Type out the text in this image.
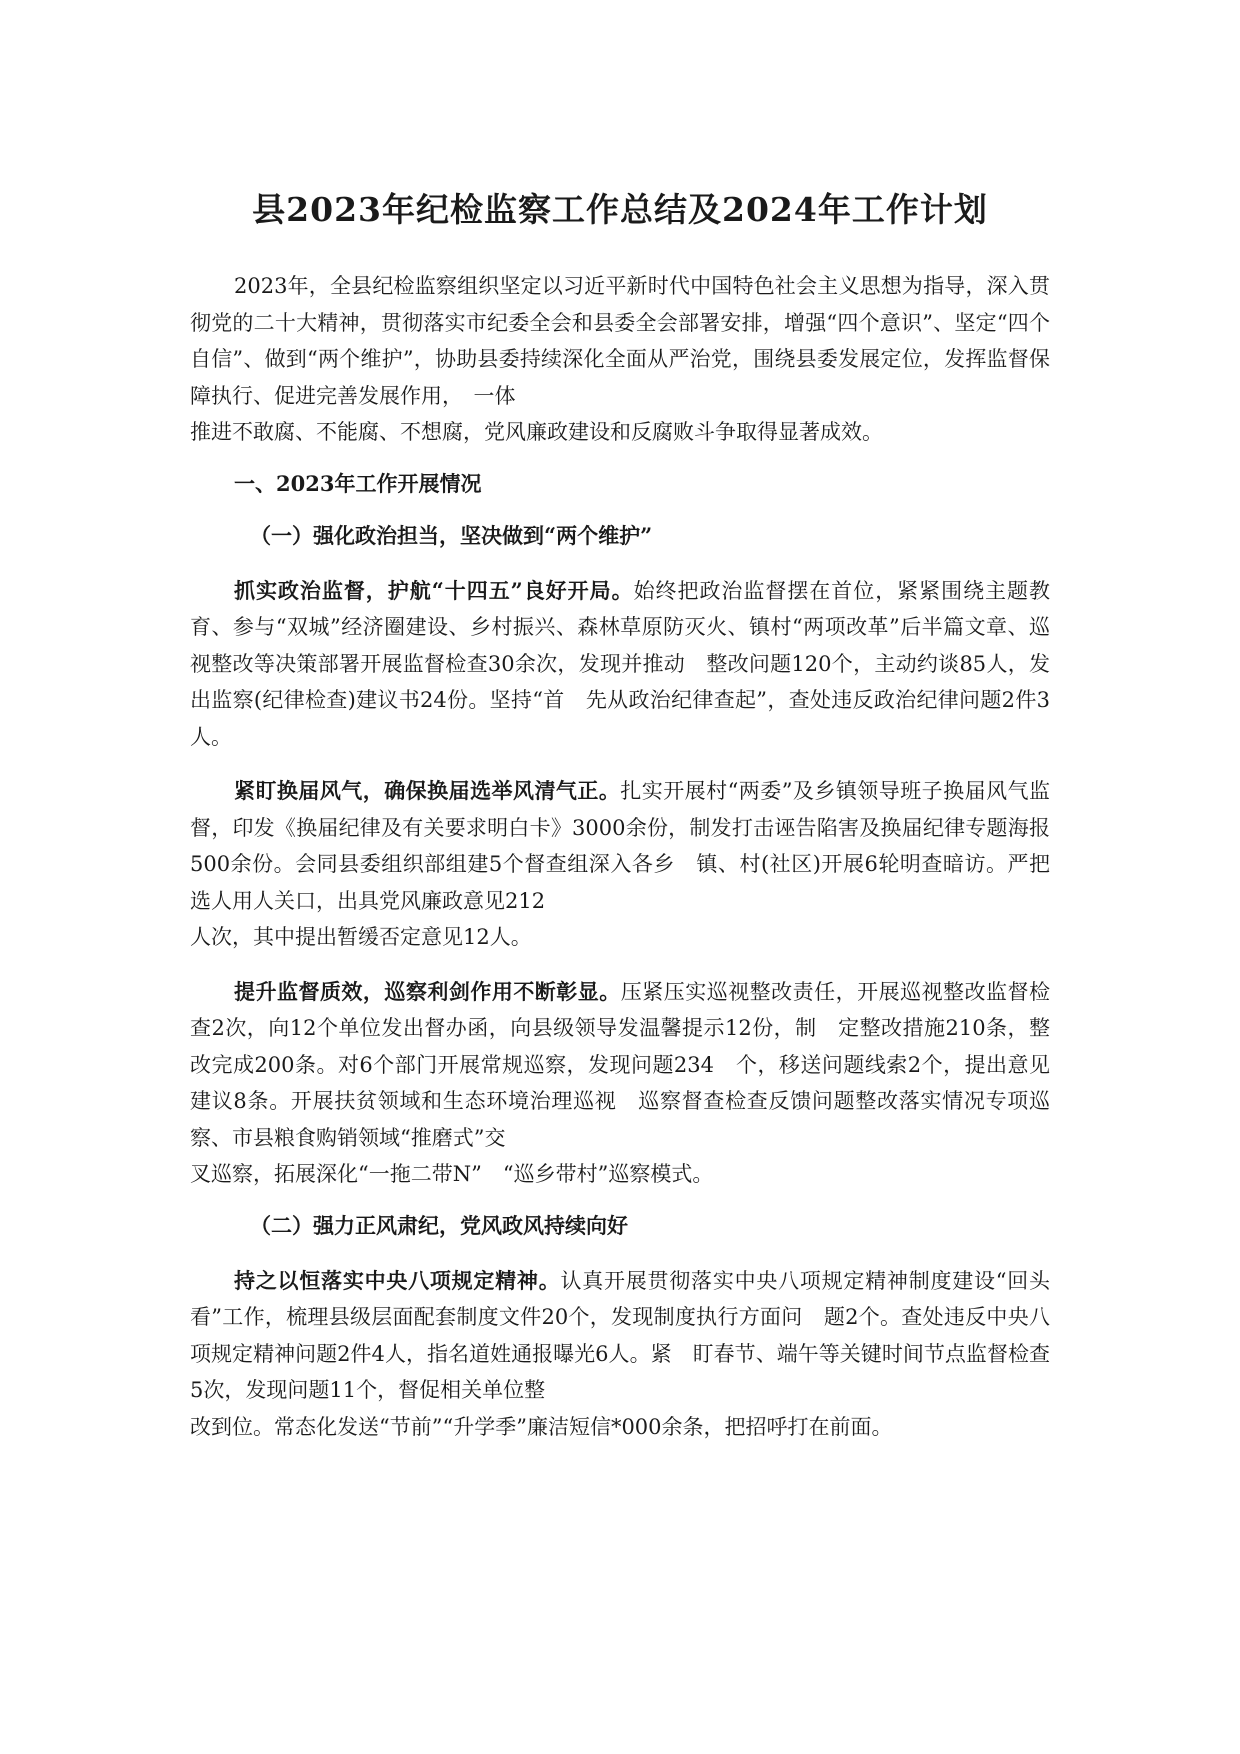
县2023年纪检监察工作总结及2024年工作计划

2023年，全县纪检监察组织坚定以习近平新时代中国特色社会主义思想为指导，深入贯彻党的二十大精神，贯彻落实市纪委全会和县委全会部署安排，增强“四个意识”、坚定“四个自信”、做到“两个维护”，协助县委持续深化全面从严治党，围绕县委发展定位，发挥监督保障执行、促进完善发展作用，　一体

推进不敢腐、不能腐、不想腐，党风廉政建设和反腐败斗争取得显著成效。

一、2023年工作开展情况
（一）强化政治担当，坚决做到“两个维护”

抓实政治监督，护航“十四五”良好开局。始终把政治监督摆在首位，紧紧围绕主题教育、参与“双城”经济圈建设、乡村振兴、森林草原防灭火、镇村“两项改革”后半篇文章、巡视整改等决策部署开展监督检查30余次，发现并推动　整改问题120个，主动约谈85人，发出监察(纪律检查)建议书24份。坚持“首　先从政治纪律查起”，查处违反政治纪律问题2件3人。

紧盯换届风气，确保换届选举风清气正。扎实开展村“两委”及乡镇领导班子换届风气监督，印发《换届纪律及有关要求明白卡》3000余份，制发打击诬告陷害及换届纪律专题海报500余份。会同县委组织部组建5个督查组深入各乡　镇、村(社区)开展6轮明查暗访。严把选人用人关口，出具党风廉政意见212

人次，其中提出暂缓否定意见12人。

提升监督质效，巡察利剑作用不断彰显。压紧压实巡视整改责任，开展巡视整改监督检查2次，向12个单位发出督办函，向县级领导发温馨提示12份，制　定整改措施210条，整改完成200条。对6个部门开展常规巡察，发现问题234　个，移送问题线索2个，提出意见建议8条。开展扶贫领域和生态环境治理巡视　巡察督查检查反馈问题整改落实情况专项巡察、市县粮食购销领域“推磨式”交

叉巡察，拓展深化“一拖二带N”　“巡乡带村”巡察模式。

（二）强力正风肃纪，党风政风持续向好

持之以恒落实中央八项规定精神。认真开展贯彻落实中央八项规定精神制度建设“回头看”工作，梳理县级层面配套制度文件20个，发现制度执行方面问　题2个。查处违反中央八项规定精神问题2件4人，指名道姓通报曝光6人。紧　盯春节、端午等关键时间节点监督检查5次，发现问题11个，督促相关单位整

改到位。常态化发送“节前”“升学季”廉洁短信*000余条，把招呼打在前面。
